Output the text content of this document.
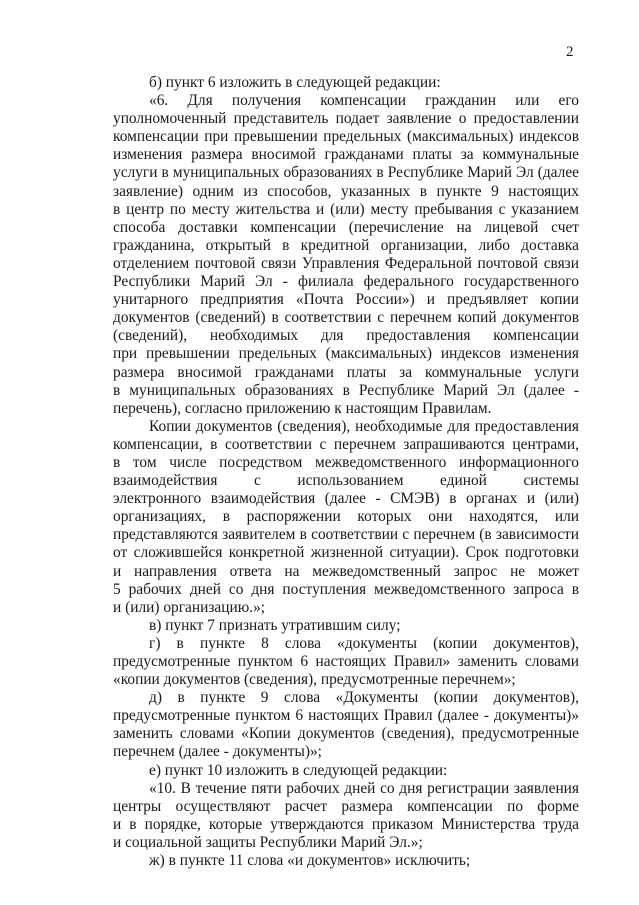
2
б) пункт 6 изложить в следующей редакции:
«6. Для получения компенсации гражданин или его
уполномоченный представитель подает заявление о предоставлении
компенсации при превышении предельных (максимальных) индексов
изменения размера вносимой гражданами платы за коммунальные
услуги в муниципальных образованиях в Республике Марий Эл (далее
заявление) одним из способов, указанных в пункте 9 настоящих
в центр по месту жительства и (или) месту пребывания с указанием
способа доставки компенсации (перечисление на лицевой счет
гражданина, открытый в кредитной организации, либо доставка
отделением почтовой связи Управления Федеральной почтовой связи
Республики Марий Эл - филиала федерального государственного
унитарного предприятия «Почта России») и предъявляет копии
документов (сведений) в соответствии с перечнем копий документов
(сведений), необходимых для предоставления компенсации
при превышении предельных (максимальных) индексов изменения
размера вносимой гражданами платы за коммунальные услуги
в муниципальных образованиях в Республике Марий Эл (далее -
перечень), согласно приложению к настоящим Правилам.
Копии документов (сведения), необходимые для предоставления
компенсации, в соответствии с перечнем запрашиваются центрами,
в том числе посредством межведомственного информационного
взаимодействия с использованием единой системы
электронного взаимодействия (далее - СМЭВ) в органах и (или)
организациях, в распоряжении которых они находятся, или
представляются заявителем в соответствии с перечнем (в зависимости
от сложившейся конкретной жизненной ситуации). Срок подготовки
и направления ответа на межведомственный запрос не может
5 рабочих дней со дня поступления межведомственного запроса в
и (или) организацию.»;
в) пункт 7 признать утратившим силу;
г) в пункте 8 слова «документы (копии документов),
предусмотренные пунктом 6 настоящих Правил» заменить словами
«копии документов (сведения), предусмотренные перечнем»;
д) в пункте 9 слова «Документы (копии документов),
предусмотренные пунктом 6 настоящих Правил (далее - документы)»
заменить словами «Копии документов (сведения), предусмотренные
перечнем (далее - документы)»;
е) пункт 10 изложить в следующей редакции:
«10. В течение пяти рабочих дней со дня регистрации заявления
центры осуществляют расчет размера компенсации по форме
и в порядке, которые утверждаются приказом Министерства труда
и социальной защиты Республики Марий Эл.»;
ж) в пункте 11 слова «и документов» исключить;
